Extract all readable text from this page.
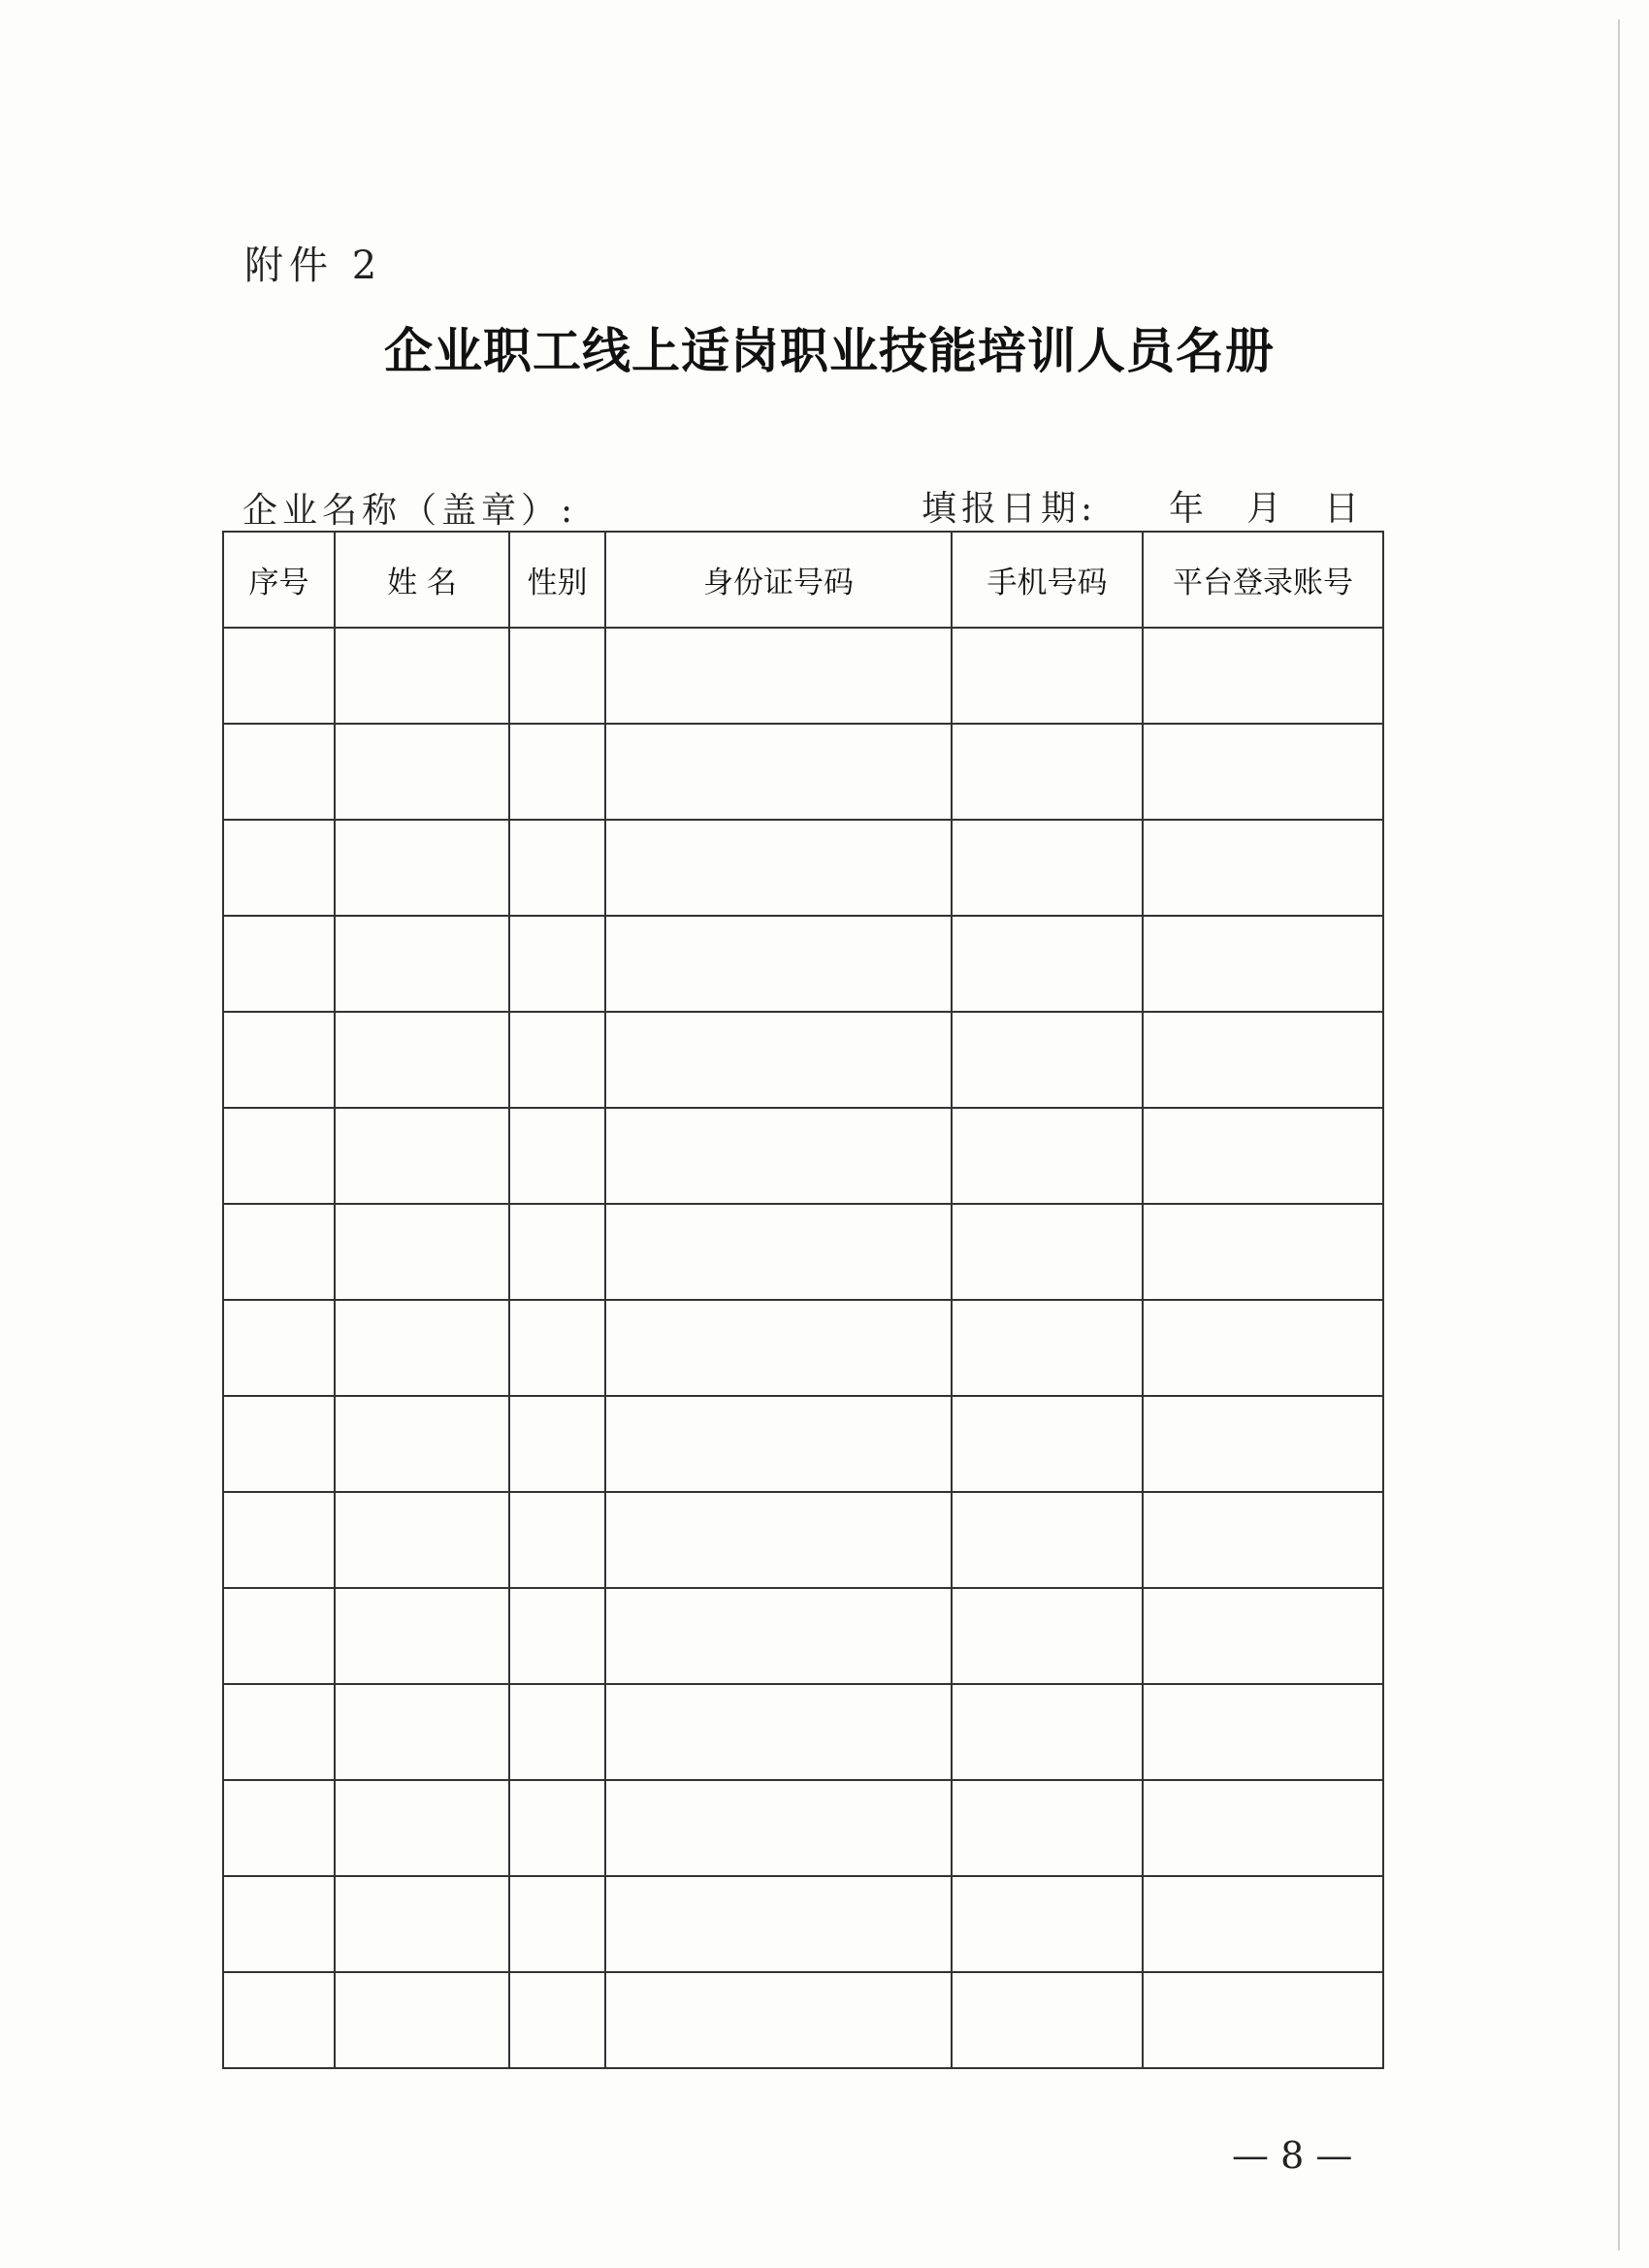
附件 2
企业职工线上适岗职业技能培训人员名册
企业名称（盖章）:	填报日期: 年 月 日
序号	姓 名	性别	身份证号码	手机号码	平台登录账号

— 8 —
